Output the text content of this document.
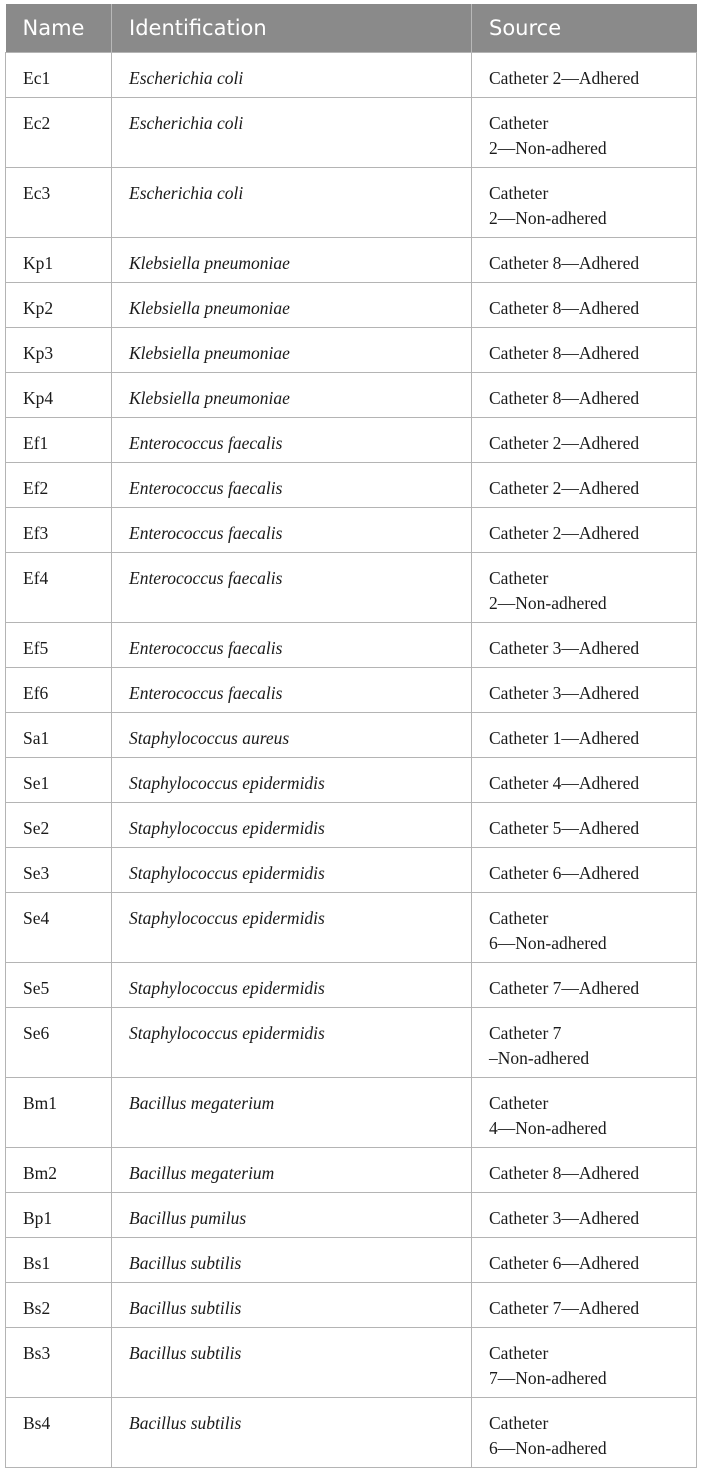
Name	Identification	Source
Ec1	Escherichia coli	Catheter 2—Adhered
Ec2	Escherichia coli	Catheter
2—Non-adhered
Ec3	Escherichia coli	Catheter
2—Non-adhered
Kp1	Klebsiella pneumoniae	Catheter 8—Adhered
Kp2	Klebsiella pneumoniae	Catheter 8—Adhered
Kp3	Klebsiella pneumoniae	Catheter 8—Adhered
Kp4	Klebsiella pneumoniae	Catheter 8—Adhered
Ef1	Enterococcus faecalis	Catheter 2—Adhered
Ef2	Enterococcus faecalis	Catheter 2—Adhered
Ef3	Enterococcus faecalis	Catheter 2—Adhered
Ef4	Enterococcus faecalis	Catheter
2—Non-adhered
Ef5	Enterococcus faecalis	Catheter 3—Adhered
Ef6	Enterococcus faecalis	Catheter 3—Adhered
Sa1	Staphylococcus aureus	Catheter 1—Adhered
Se1	Staphylococcus epidermidis	Catheter 4—Adhered
Se2	Staphylococcus epidermidis	Catheter 5—Adhered
Se3	Staphylococcus epidermidis	Catheter 6—Adhered
Se4	Staphylococcus epidermidis	Catheter
6—Non-adhered
Se5	Staphylococcus epidermidis	Catheter 7—Adhered
Se6	Staphylococcus epidermidis	Catheter 7
–Non-adhered
Bm1	Bacillus megaterium	Catheter
4—Non-adhered
Bm2	Bacillus megaterium	Catheter 8—Adhered
Bp1	Bacillus pumilus	Catheter 3—Adhered
Bs1	Bacillus subtilis	Catheter 6—Adhered
Bs2	Bacillus subtilis	Catheter 7—Adhered
Bs3	Bacillus subtilis	Catheter
7—Non-adhered
Bs4	Bacillus subtilis	Catheter
6—Non-adhered
